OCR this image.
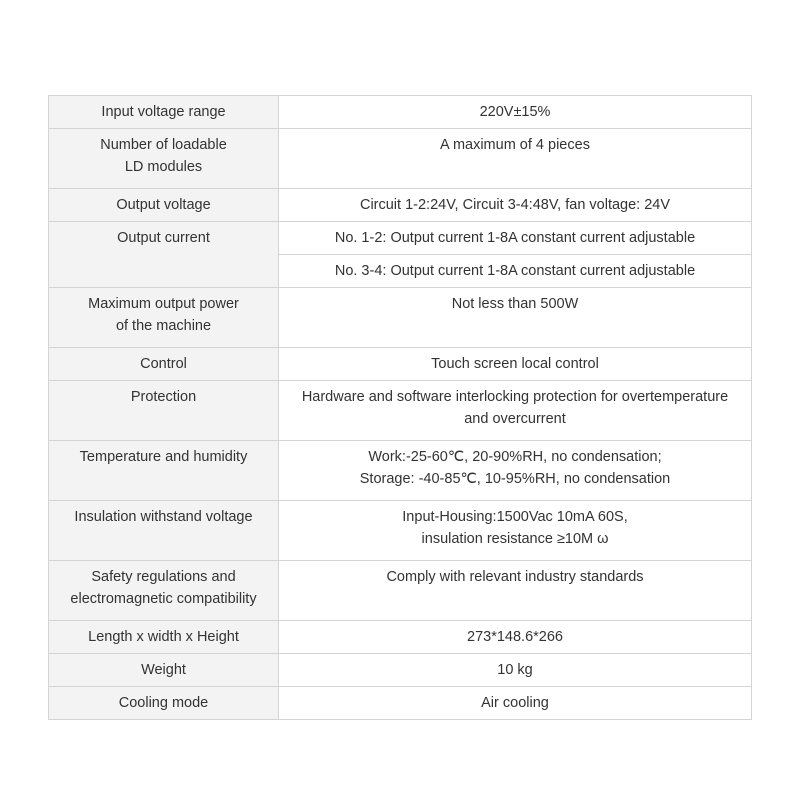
Input voltage range	220V±15%
Number of loadable
LD modules	A maximum of 4 pieces
Output voltage	Circuit 1-2:24V, Circuit 3-4:48V, fan voltage: 24V
Output current	No. 1-2: Output current 1-8A constant current adjustable
	No. 3-4: Output current 1-8A constant current adjustable
Maximum output power
of the machine	Not less than 500W
Control	Touch screen local control
Protection	Hardware and software interlocking protection for overtemperature
and overcurrent
Temperature and humidity	Work:-25-60℃, 20-90%RH, no condensation;
Storage: -40-85℃, 10-95%RH, no condensation
Insulation withstand voltage	Input-Housing:1500Vac 10mA 60S,
insulation resistance ≥10M ω
Safety regulations and
electromagnetic compatibility	Comply with relevant industry standards
Length x width x Height	273*148.6*266
Weight	10 kg
Cooling mode	Air cooling
